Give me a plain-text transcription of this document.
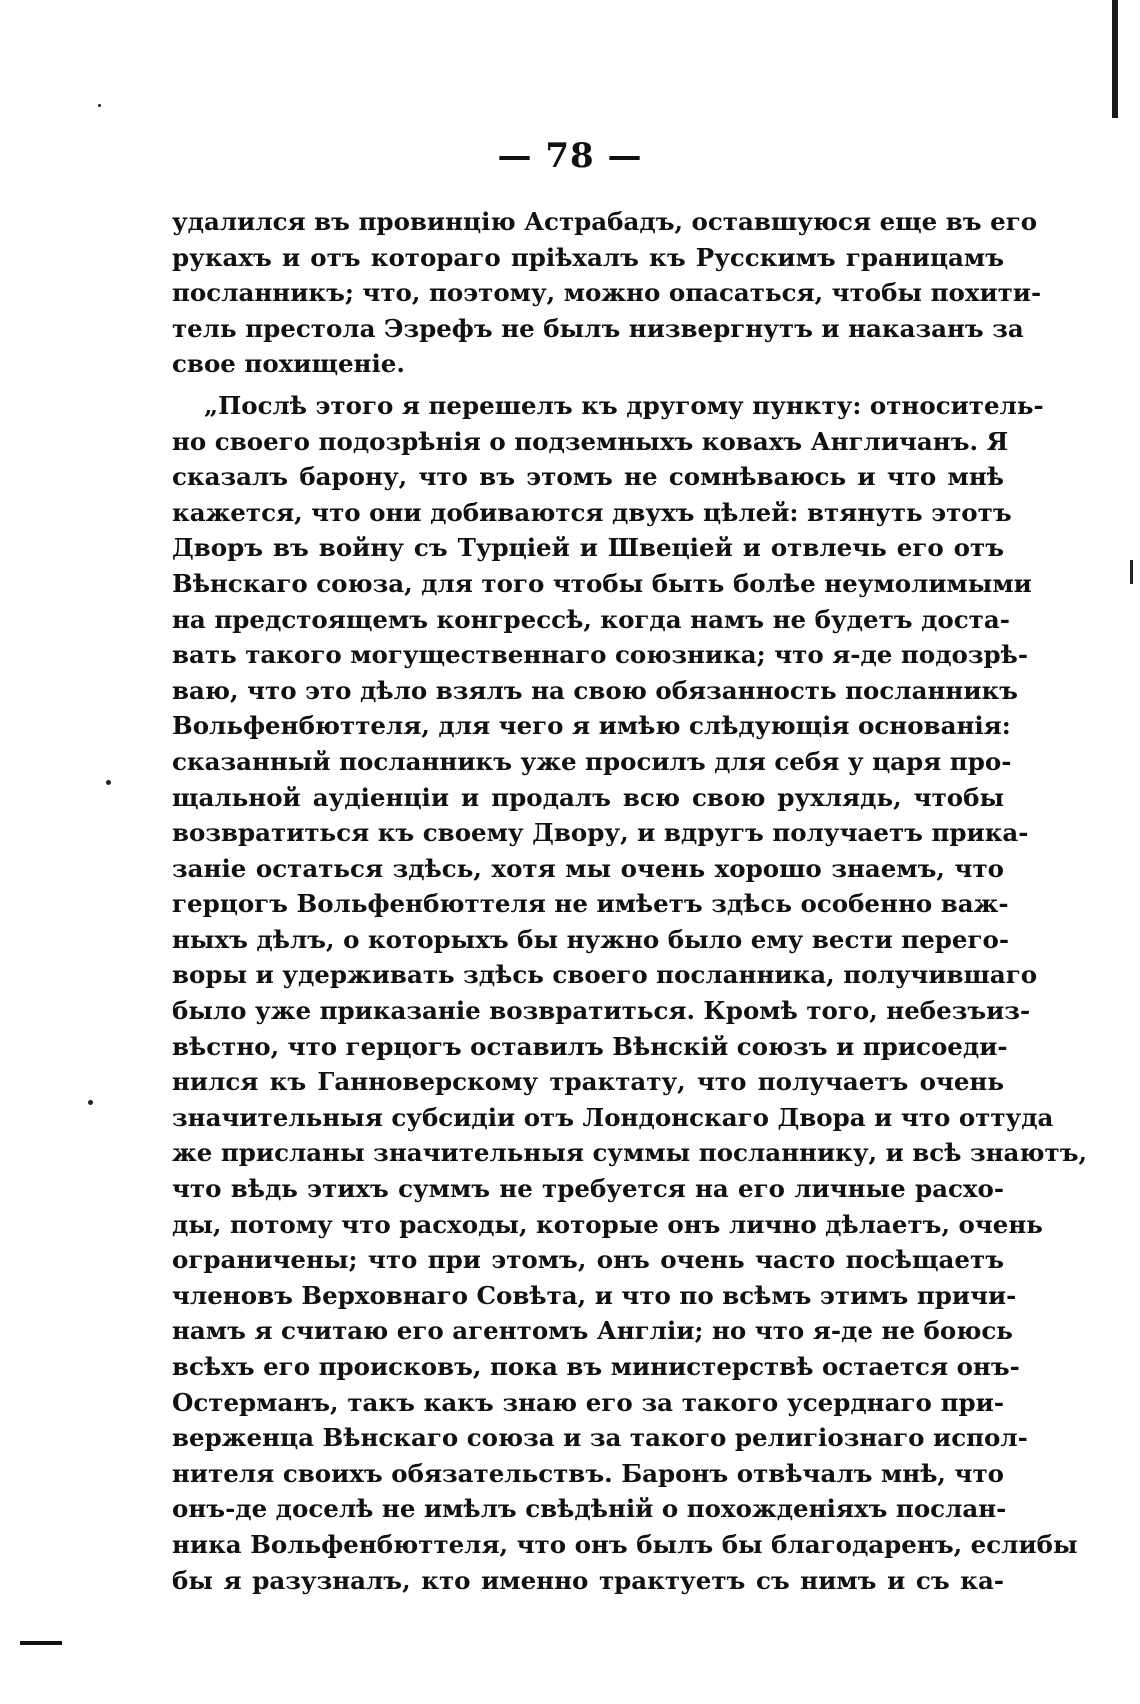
— 78 —
удалился въ провинцію Астрабадъ, оставшуюся еще въ его
рукахъ и отъ котораго пріѣхалъ къ Русскимъ границамъ
посланникъ; что, поэтому, можно опасаться, чтобы похити-
тель престола Эзрефъ не былъ низвергнутъ и наказанъ за
свое похищеніе.
„Послѣ этого я перешелъ къ другому пункту: относитель-
но своего подозрѣнія о подземныхъ ковахъ Англичанъ. Я
сказалъ барону, что въ этомъ не сомнѣваюсь и что мнѣ
кажется, что они добиваются двухъ цѣлей: втянуть этотъ
Дворъ въ войну съ Турціей и Швеціей и отвлечь его отъ
Вѣнскаго союза, для того чтобы быть болѣе неумолимыми
на предстоящемъ конгрессѣ, когда намъ не будетъ доста-
вать такого могущественнаго союзника; что я-де подозрѣ-
ваю, что это дѣло взялъ на свою обязанность посланникъ
Вольфенбюттеля, для чего я имѣю слѣдующія основанія:
сказанный посланникъ уже просилъ для себя у царя про-
щальной аудіенціи и продалъ всю свою рухлядь, чтобы
возвратиться къ своему Двору, и вдругъ получаетъ прика-
заніе остаться здѣсь, хотя мы очень хорошо знаемъ, что
герцогъ Вольфенбюттеля не имѣетъ здѣсь особенно важ-
ныхъ дѣлъ, о которыхъ бы нужно было ему вести перего-
воры и удерживать здѣсь своего посланника, получившаго
было уже приказаніе возвратиться. Кромѣ того, небезъиз-
вѣстно, что герцогъ оставилъ Вѣнскій союзъ и присоеди-
нился къ Ганноверскому трактату, что получаетъ очень
значительныя субсидіи отъ Лондонскаго Двора и что оттуда
же присланы значительныя суммы посланнику, и всѣ знаютъ,
что вѣдь этихъ суммъ не требуется на его личные расхо-
ды, потому что расходы, которые онъ лично дѣлаетъ, очень
ограничены; что при этомъ, онъ очень часто посѣщаетъ
членовъ Верховнаго Совѣта, и что по всѣмъ этимъ причи-
намъ я считаю его агентомъ Англіи; но что я-де не боюсь
всѣхъ его происковъ, пока въ министерствѣ остается онъ-
Остерманъ, такъ какъ знаю его за такого усерднаго при-
верженца Вѣнскаго союза и за такого религіознаго испол-
нителя своихъ обязательствъ. Баронъ отвѣчалъ мнѣ, что
онъ-де доселѣ не имѣлъ свѣдѣній о похожденіяхъ послан-
ника Вольфенбюттеля, что онъ былъ бы благодаренъ, еслибы
бы я разузналъ, кто именно трактуетъ съ нимъ и съ ка-
